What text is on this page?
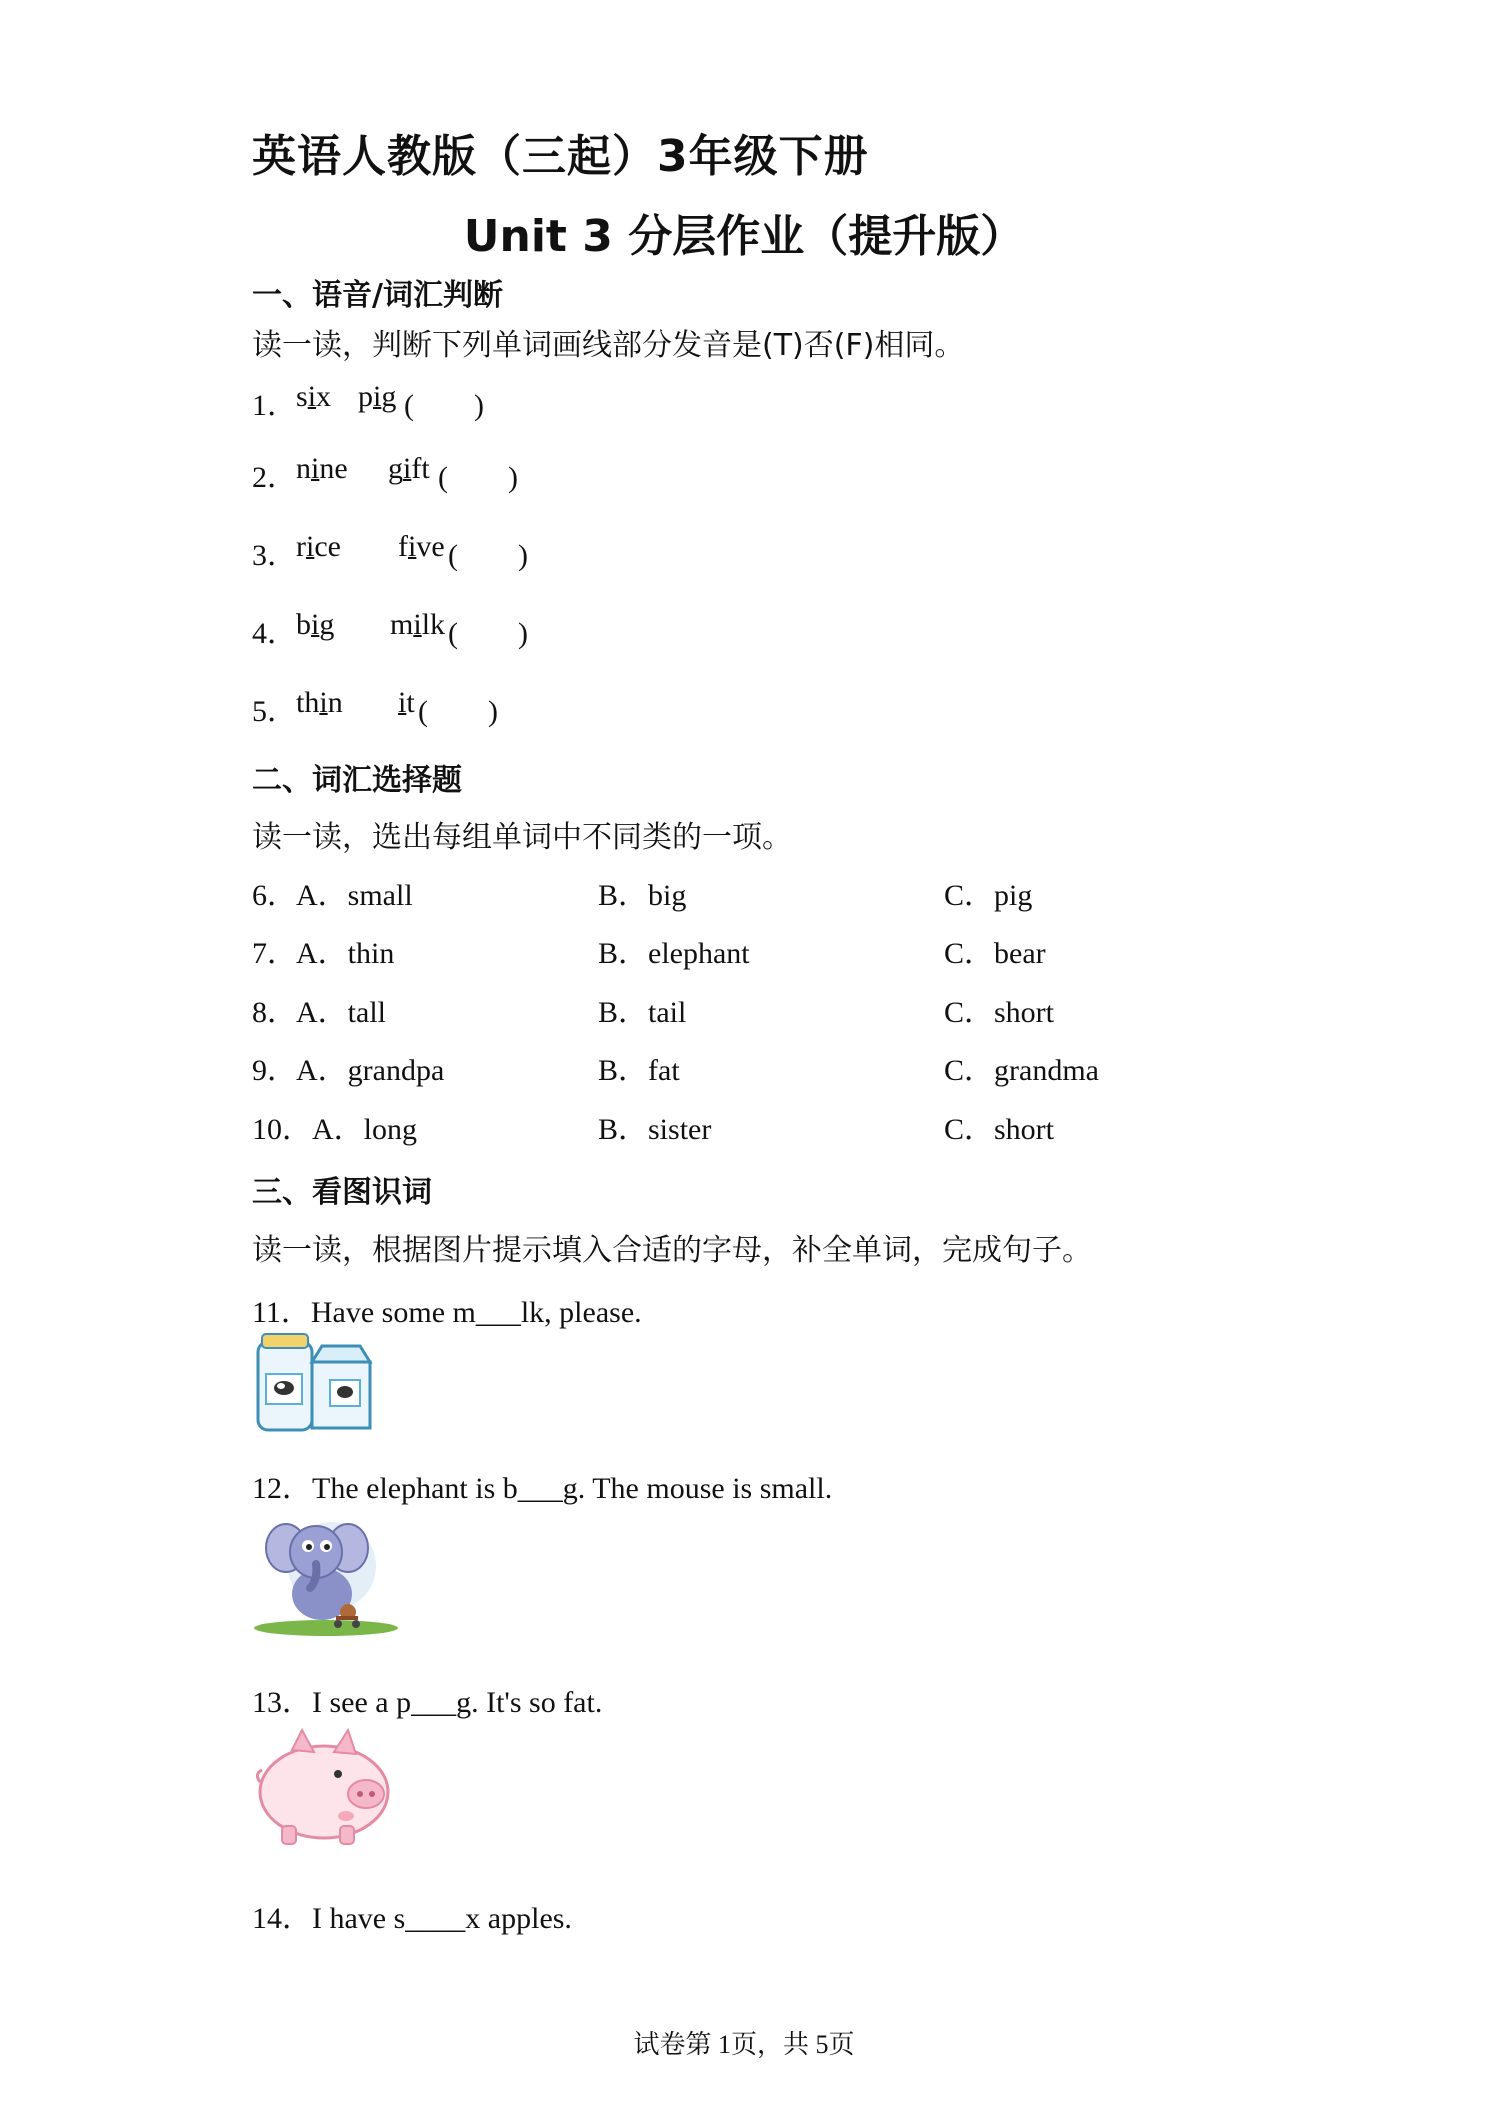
英语人教版（三起）3年级下册
Unit 3 分层作业（提升版）
一、语音/词汇判断
读一读，判断下列单词画线部分发音是(T)否(F)相同。
1． six pig (　　)
2． nine gift (　　)
3． rice five (　　)
4． big milk (　　)
5． thin it (　　)
二、词汇选择题
读一读，选出每组单词中不同类的一项。
6． A．small	B．big	C．pig
7． A．thin	B．elephant	C．bear
8． A．tall	B．tail	C．short
9． A．grandpa	B．fat	C．grandma
10． A．long	B．sister	C．short
三、看图识词
读一读，根据图片提示填入合适的字母，补全单词，完成句子。
11．Have some m___lk, please.
12．The elephant is b___g. The mouse is small.
13．I see a p___g. It's so fat.
14．I have s____x apples.
试卷第 1页，共 5页
